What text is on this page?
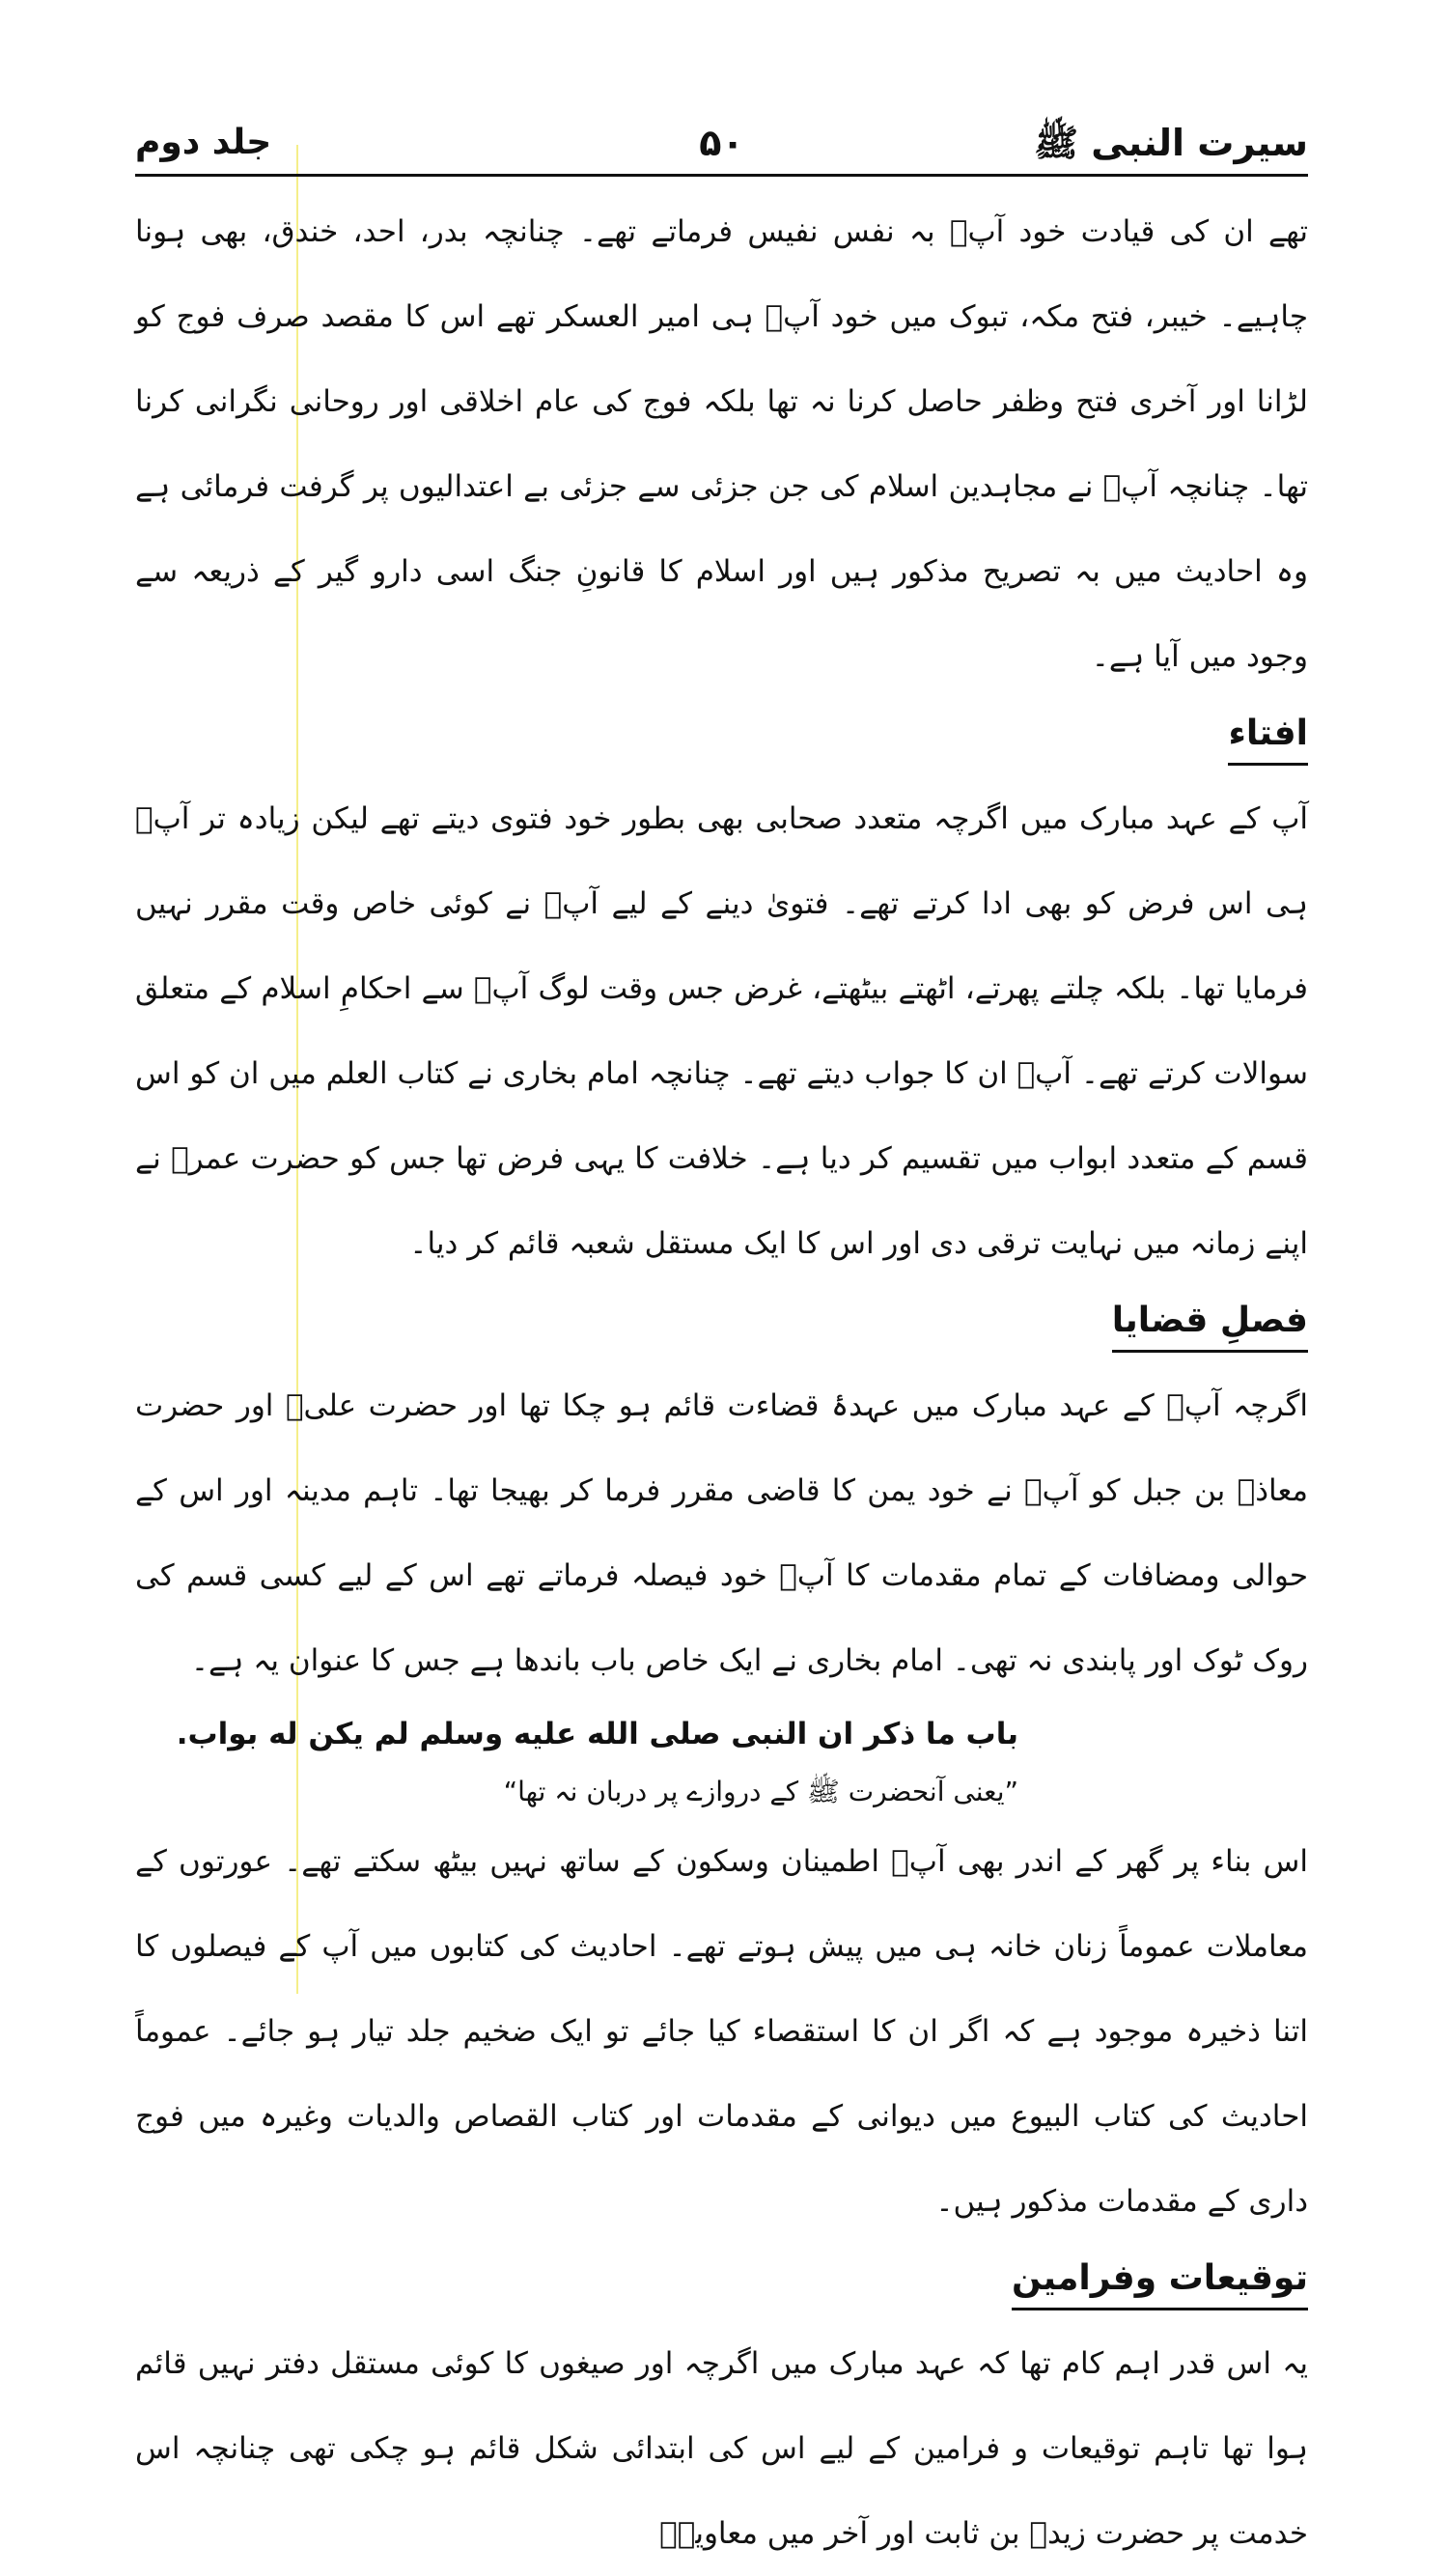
سیرت النبی ﷺ
۵۰
جلد دوم

تھے ان کی قیادت خود آپؐ بہ نفس نفیس فرماتے تھے۔ چنانچہ بدر، احد، خندق، بھی ہونا چاہیے۔ خیبر، فتح مکہ، تبوک میں خود آپؐ ہی امیر العسکر تھے اس کا مقصد صرف فوج کو لڑانا اور آخری فتح وظفر حاصل کرنا نہ تھا بلکہ فوج کی عام اخلاقی اور روحانی نگرانی کرنا تھا۔ چنانچہ آپؐ نے مجاہدین اسلام کی جن جزئی سے جزئی بے اعتدالیوں پر گرفت فرمائی ہے وہ احادیث میں بہ تصریح مذکور ہیں اور اسلام کا قانونِ جنگ اسی دارو گیر کے ذریعہ سے وجود میں آیا ہے۔

افتاء

آپ کے عہد مبارک میں اگرچہ متعدد صحابی بھی بطور خود فتوی دیتے تھے لیکن زیادہ تر آپؐ ہی اس فرض کو بھی ادا کرتے تھے۔ فتویٰ دینے کے لیے آپؐ نے کوئی خاص وقت مقرر نہیں فرمایا تھا۔ بلکہ چلتے پھرتے، اٹھتے بیٹھتے، غرض جس وقت لوگ آپؐ سے احکامِ اسلام کے متعلق سوالات کرتے تھے۔ آپؐ ان کا جواب دیتے تھے۔ چنانچہ امام بخاری نے کتاب العلم میں ان کو اس قسم کے متعدد ابواب میں تقسیم کر دیا ہے۔ خلافت کا یہی فرض تھا جس کو حضرت عمرؓ نے اپنے زمانہ میں نہایت ترقی دی اور اس کا ایک مستقل شعبہ قائم کر دیا۔

فصلِ قضایا

اگرچہ آپؐ کے عہد مبارک میں عہدۂ قضاءت قائم ہو چکا تھا اور حضرت علیؓ اور حضرت معاذؓ بن جبل کو آپؐ نے خود یمن کا قاضی مقرر فرما کر بھیجا تھا۔ تاہم مدینہ اور اس کے حوالی ومضافات کے تمام مقدمات کا آپؐ خود فیصلہ فرماتے تھے اس کے لیے کسی قسم کی روک ٹوک اور پابندی نہ تھی۔ امام بخاری نے ایک خاص باب باندھا ہے جس کا عنوان یہ ہے۔

باب ما ذکر ان النبی صلی الله علیه وسلم لم یکن له بواب.

”یعنی آنحضرت ﷺ کے دروازے پر دربان نہ تھا“

اس بناء پر گھر کے اندر بھی آپؐ اطمینان وسکون کے ساتھ نہیں بیٹھ سکتے تھے۔ عورتوں کے معاملات عموماً زنان خانہ ہی میں پیش ہوتے تھے۔ احادیث کی کتابوں میں آپ کے فیصلوں کا اتنا ذخیرہ موجود ہے کہ اگر ان کا استقصاء کیا جائے تو ایک ضخیم جلد تیار ہو جائے۔ عموماً احادیث کی کتاب البیوع میں دیوانی کے مقدمات اور کتاب القصاص والدیات وغیرہ میں فوج داری کے مقدمات مذکور ہیں۔

توقیعات وفرامین

یہ اس قدر اہم کام تھا کہ عہد مبارک میں اگرچہ اور صیغوں کا کوئی مستقل دفتر نہیں قائم ہوا تھا تاہم توقیعات و فرامین کے لیے اس کی ابتدائی شکل قائم ہو چکی تھی چنانچہ اس خدمت پر حضرت زیدؓ بن ثابت اور آخر میں معاویہؓ
